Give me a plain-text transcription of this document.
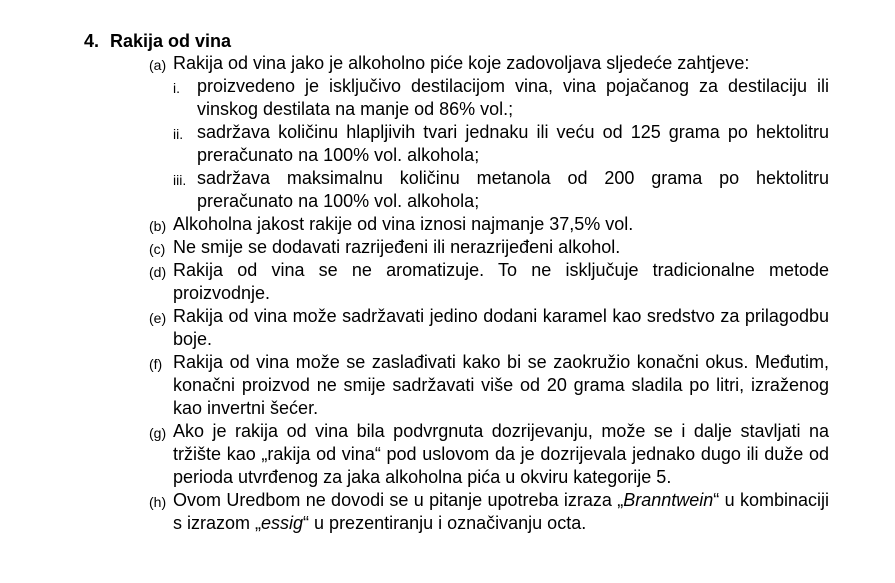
4. Rakija od vina
(a) Rakija od vina jako je alkoholno piće koje zadovoljava sljedeće zahtjeve:
i. proizvedeno je isključivo destilacijom vina, vina pojačanog za destilaciju ili vinskog destilata na manje od 86% vol.;
ii. sadržava količinu hlapljivih tvari jednaku ili veću od 125 grama po hektolitru preračunato na 100% vol. alkohola;
iii. sadržava maksimalnu količinu metanola od 200 grama po hektolitru preračunato na 100% vol. alkohola;
(b) Alkoholna jakost rakije od vina iznosi najmanje 37,5% vol.
(c) Ne smije se dodavati razrijeđeni ili nerazrijeđeni alkohol.
(d) Rakija od vina se ne aromatizuje. To ne isključuje tradicionalne metode proizvodnje.
(e) Rakija od vina može sadržavati jedino dodani karamel kao sredstvo za prilagodbu boje.
(f) Rakija od vina može se zaslađivati kako bi se zaokružio konačni okus. Međutim, konačni proizvod ne smije sadržavati više od 20 grama sladila po litri, izraženog kao invertni šećer.
(g) Ako je rakija od vina bila podvrgnuta dozrijevanju, može se i dalje stavljati na tržište kao „rakija od vina“ pod uslovom da je dozrijevala jednako dugo ili duže od perioda utvrđenog za jaka alkoholna pića u okviru kategorije 5.
(h) Ovom Uredbom ne dovodi se u pitanje upotreba izraza „Branntwein“ u kombinaciji s izrazom „essig“ u prezentiranju i označivanju octa.
